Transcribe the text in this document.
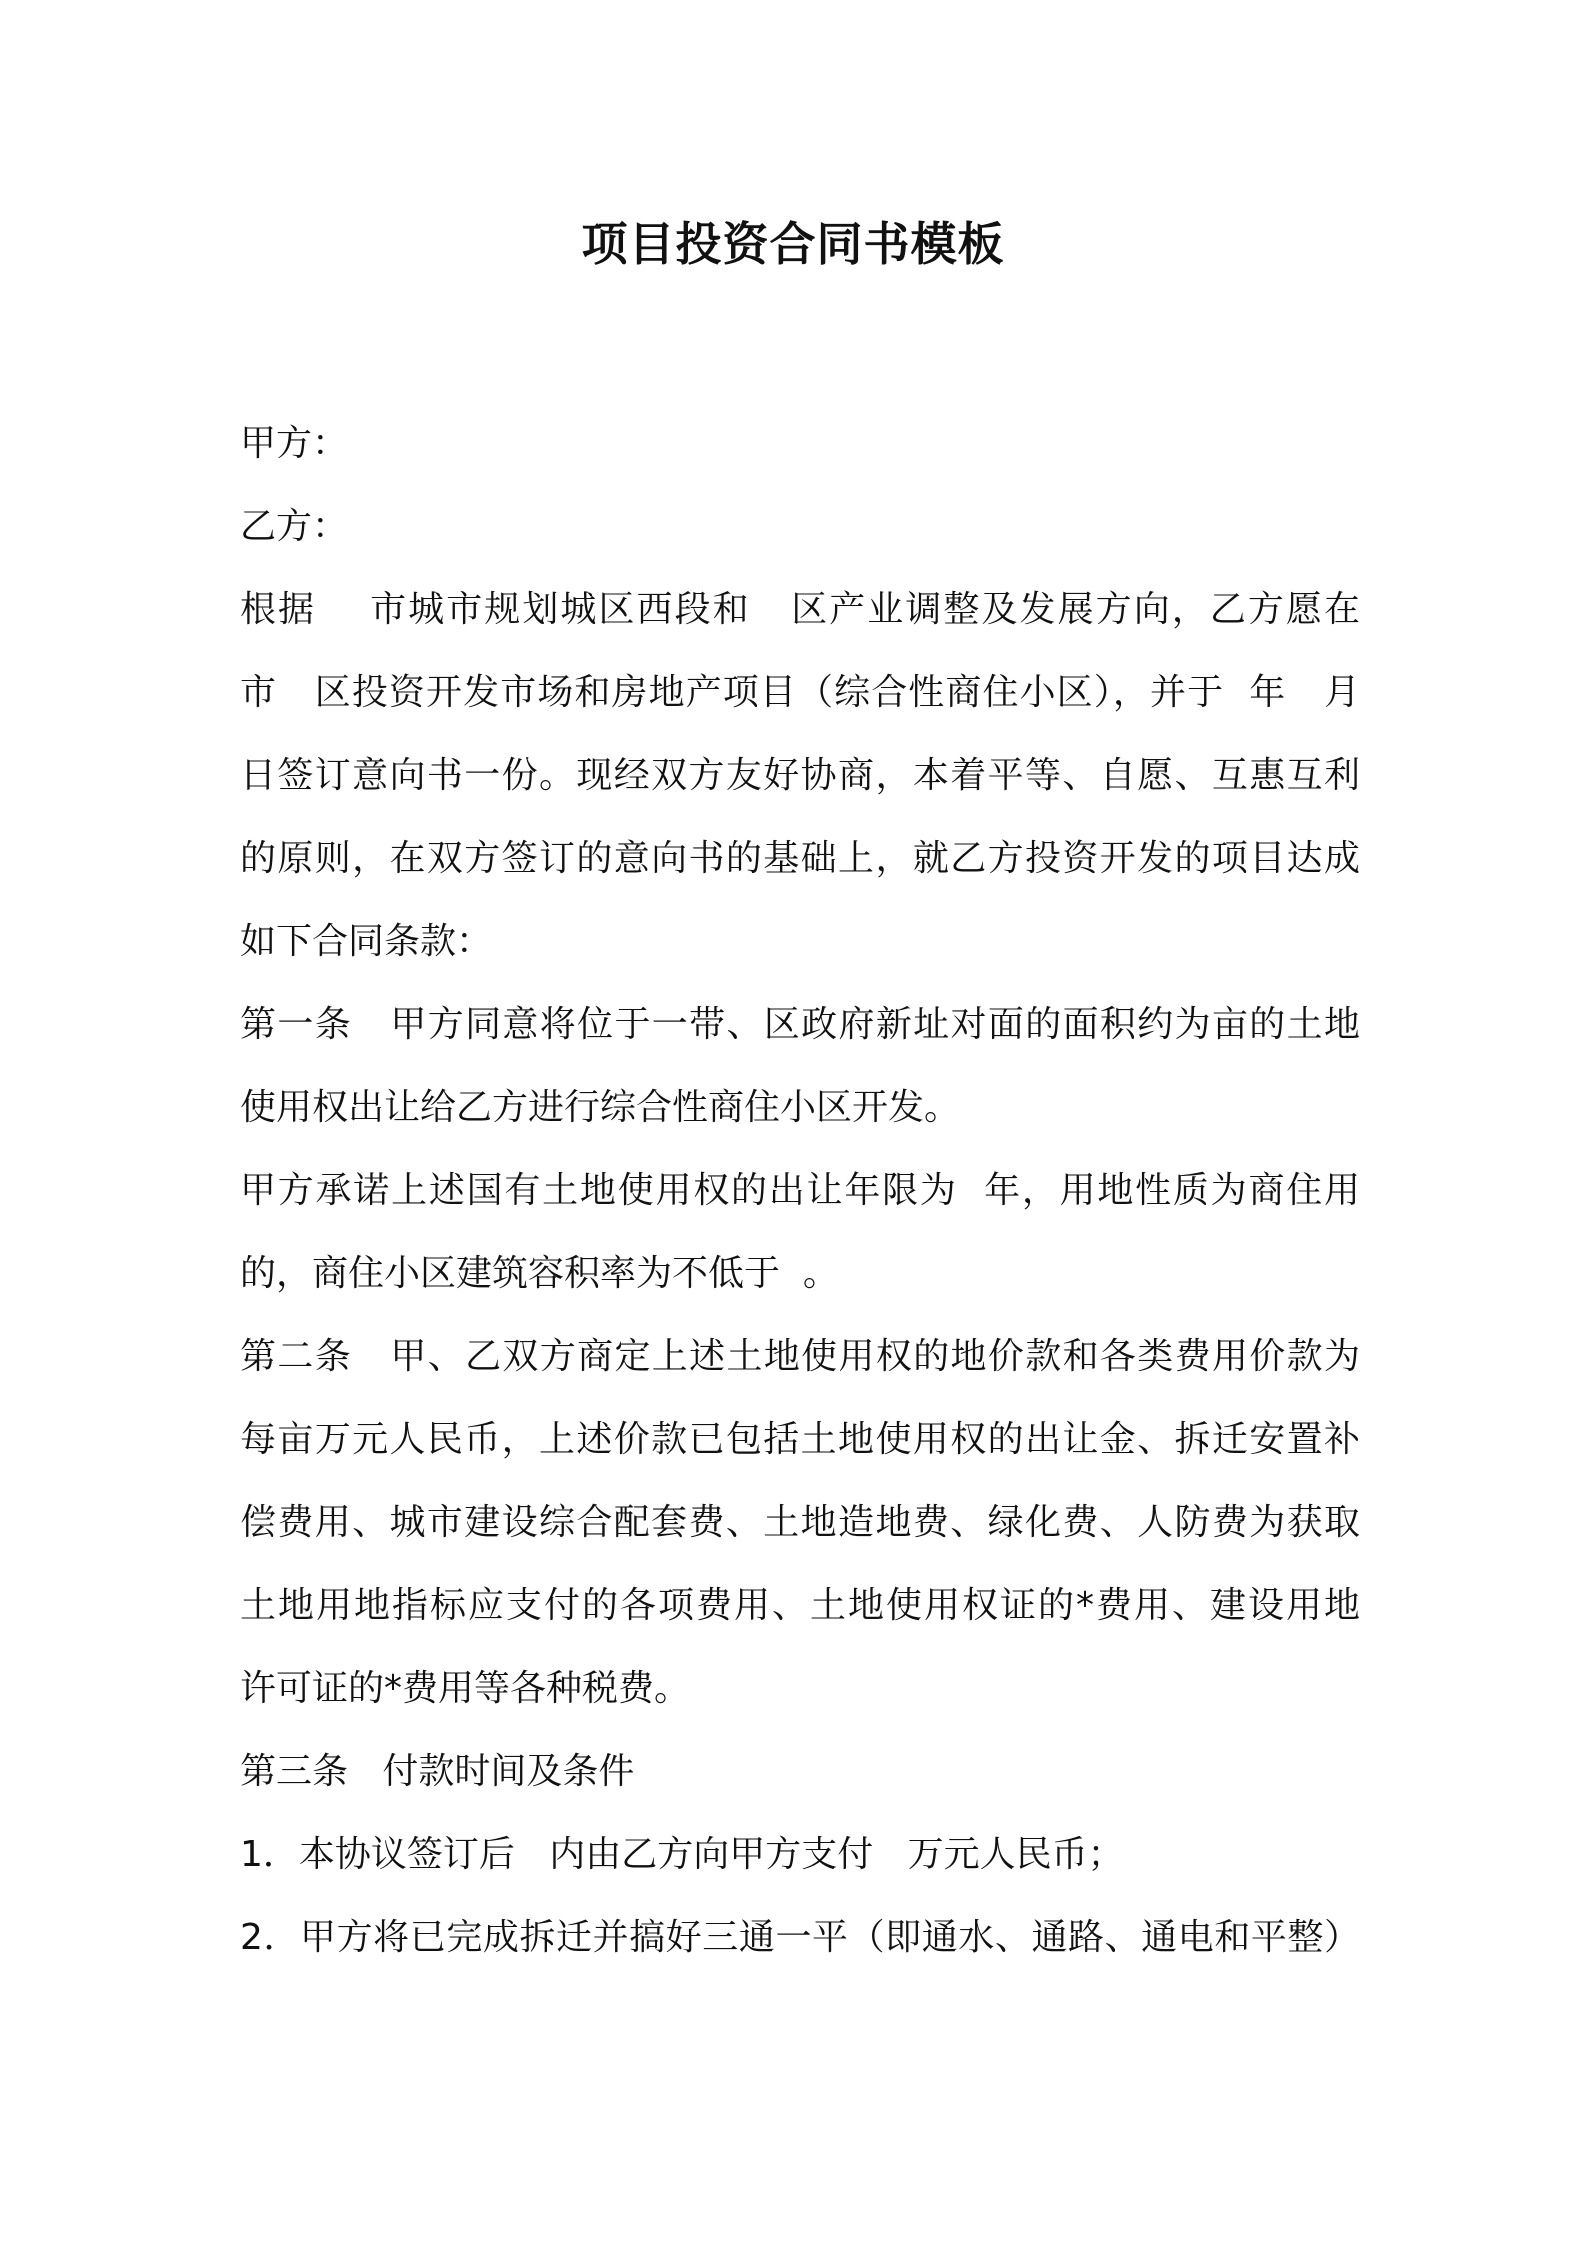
项目投资合同书模板
甲方：
乙方：
根据    市城市规划城区西段和   区产业调整及发展方向，乙方愿在
市   区投资开发市场和房地产项目（综合性商住小区），并于  年   月
日签订意向书一份。现经双方友好协商，本着平等、自愿、互惠互利
的原则，在双方签订的意向书的基础上，就乙方投资开发的项目达成
如下合同条款：
第一条   甲方同意将位于一带、区政府新址对面的面积约为亩的土地
使用权出让给乙方进行综合性商住小区开发。
甲方承诺上述国有土地使用权的出让年限为  年，用地性质为商住用
的，商住小区建筑容积率为不低于  。
第二条   甲、乙双方商定上述土地使用权的地价款和各类费用价款为
每亩万元人民币，上述价款已包括土地使用权的出让金、拆迁安置补
偿费用、城市建设综合配套费、土地造地费、绿化费、人防费为获取
土地用地指标应支付的各项费用、土地使用权证的*费用、建设用地
许可证的*费用等各种税费。
第三条   付款时间及条件
1．本协议签订后   内由乙方向甲方支付   万元人民币；
2．甲方将已完成拆迁并搞好三通一平（即通水、通路、通电和平整）
